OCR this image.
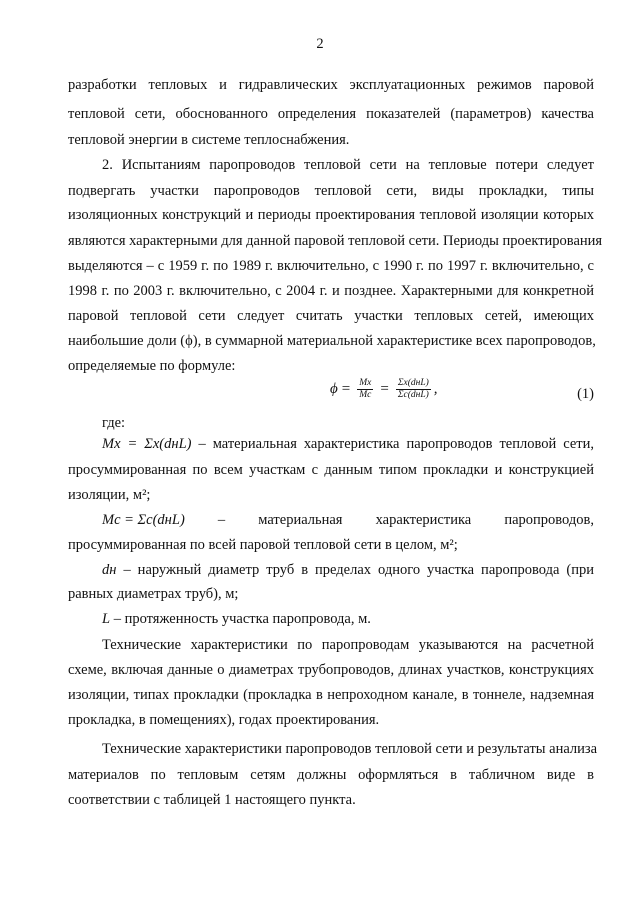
2
разработки тепловых и гидравлических эксплуатационных режимов паровой
тепловой сети, обоснованного определения показателей (параметров) качества
тепловой энергии в системе теплоснабжения.
2. Испытаниям паропроводов тепловой сети на тепловые потери следует
подвергать участки паропроводов тепловой сети, виды прокладки, типы
изоляционных конструкций и периоды проектирования тепловой изоляции которых
являются характерными для данной паровой тепловой сети. Периоды проектирования
выделяются – с 1959 г. по 1989 г. включительно, с 1990 г. по 1997 г. включительно, с
1998 г. по 2003 г. включительно, с 2004 г. и позднее. Характерными для конкретной
паровой тепловой сети следует считать участки тепловых сетей, имеющих
наибольшие доли (ϕ), в суммарной материальной характеристике всех паропроводов,
определяемые по формуле:
$\phi = \frac{Mx}{Mc} = \frac{\text{Σx(dнL)}}{\text{Σc(dнL)}}$ ,	(1)
где:
Mx = Σx(dнL) – материальная характеристика паропроводов тепловой сети,
просуммированная по всем участкам с данным типом прокладки и конструкцией
изоляции, м²;
Mc = Σc(dнL) – материальная характеристика паропроводов,
просуммированная по всей паровой тепловой сети в целом, м²;
dн – наружный диаметр труб в пределах одного участка паропровода (при
равных диаметрах труб), м;
L – протяженность участка паропровода, м.
Технические характеристики по паропроводам указываются на расчетной
схеме, включая данные о диаметрах трубопроводов, длинах участков, конструкциях
изоляции, типах прокладки (прокладка в непроходном канале, в тоннеле, надземная
прокладка, в помещениях), годах проектирования.
Технические характеристики паропроводов тепловой сети и результаты анализа
материалов по тепловым сетям должны оформляться в табличном виде в
соответствии с таблицей 1 настоящего пункта.
